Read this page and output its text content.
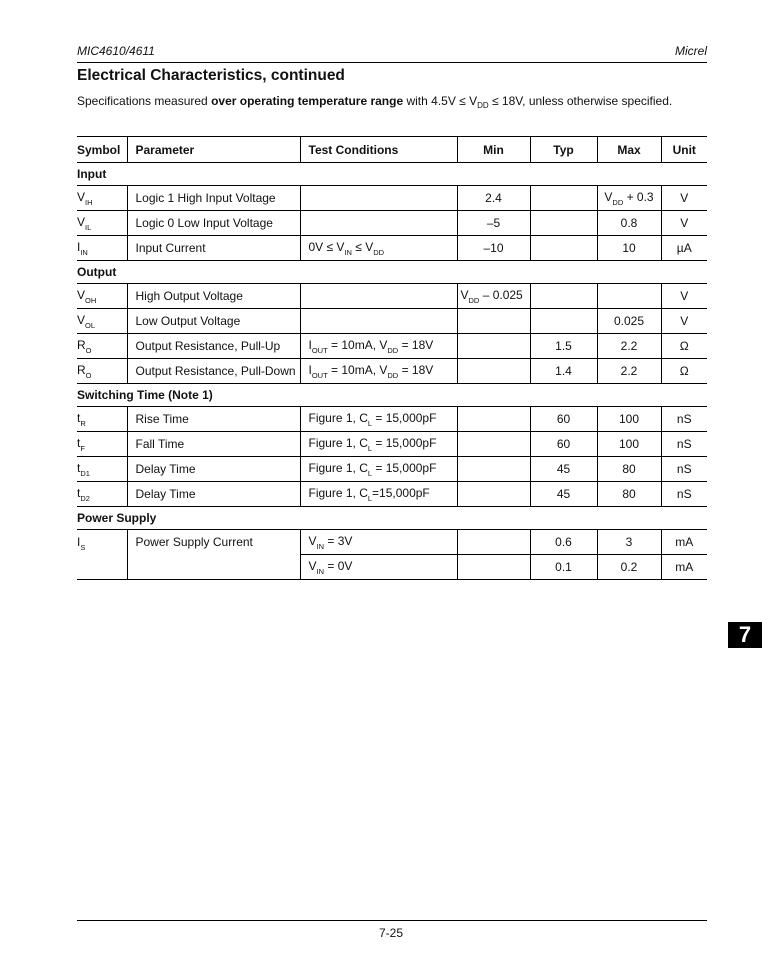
MIC4610/4611	Micrel
Electrical Characteristics, continued
Specifications measured over operating temperature range with $4.5V \le V_{DD} \le 18V$, unless otherwise specified.
Symbol	Parameter	Test Conditions	Min	Typ	Max	Unit
Input						
$V_{IH}$	Logic 1 High Input Voltage		2.4		$V_{DD} + 0.3$	V
$V_{IL}$	Logic 0 Low Input Voltage		–5		0.8	V
$I_{IN}$	Input Current	$0V \le V_{IN} \le V_{DD}$	–10		10	µA
Output						
$V_{OH}$	High Output Voltage		$V_{DD} - 0.025$			V
$V_{OL}$	Low Output Voltage				0.025	V
$R_O$	Output Resistance, Pull-Up	$I_{OUT} = 10mA$, $V_{DD} = 18V$		1.5	2.2	Ω
$R_O$	Output Resistance, Pull-Down	$I_{OUT} = 10mA$, $V_{DD} = 18V$		1.4	2.2	Ω
Switching Time (Note 1)						
$t_R$	Rise Time	Figure 1, $C_L = 15,000pF$		60	100	nS
$t_F$	Fall Time	Figure 1, $C_L = 15,000pF$		60	100	nS
$t_{D1}$	Delay Time	Figure 1, $C_L = 15,000pF$		45	80	nS
$t_{D2}$	Delay Time	Figure 1, $C_L=15,000pF$		45	80	nS
Power Supply						
$I_S$	Power Supply Current	$V_{IN} = 3V$		0.6	3	mA
		$V_{IN} = 0V$		0.1	0.2	mA
7
7-25
